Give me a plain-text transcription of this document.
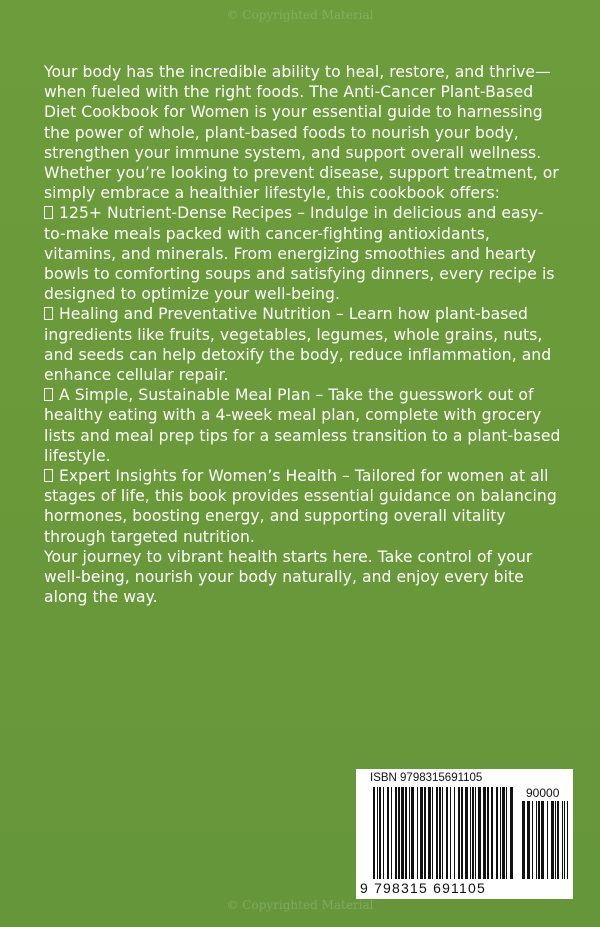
© Copyrighted Material

Your body has the incredible ability to heal, restore, and thrive—when fueled with the right foods. The Anti-Cancer Plant-Based Diet Cookbook for Women is your essential guide to harnessing the power of whole, plant-based foods to nourish your body, strengthen your immune system, and support overall wellness.

Whether you’re looking to prevent disease, support treatment, or simply embrace a healthier lifestyle, this cookbook offers:

125+ Nutrient-Dense Recipes – Indulge in delicious and easy-to-make meals packed with cancer-fighting antioxidants, vitamins, and minerals. From energizing smoothies and hearty bowls to comforting soups and satisfying dinners, every recipe is designed to optimize your well-being.

Healing and Preventative Nutrition – Learn how plant-based ingredients like fruits, vegetables, legumes, whole grains, nuts, and seeds can help detoxify the body, reduce inflammation, and enhance cellular repair.

A Simple, Sustainable Meal Plan – Take the guesswork out of healthy eating with a 4-week meal plan, complete with grocery lists and meal prep tips for a seamless transition to a plant-based lifestyle.

Expert Insights for Women’s Health – Tailored for women at all stages of life, this book provides essential guidance on balancing hormones, boosting energy, and supporting overall vitality through targeted nutrition.

Your journey to vibrant health starts here. Take control of your well-being, nourish your body naturally, and enjoy every bite along the way.

ISBN 9798315691105
90000
9 798315 691105
© Copyrighted Material
